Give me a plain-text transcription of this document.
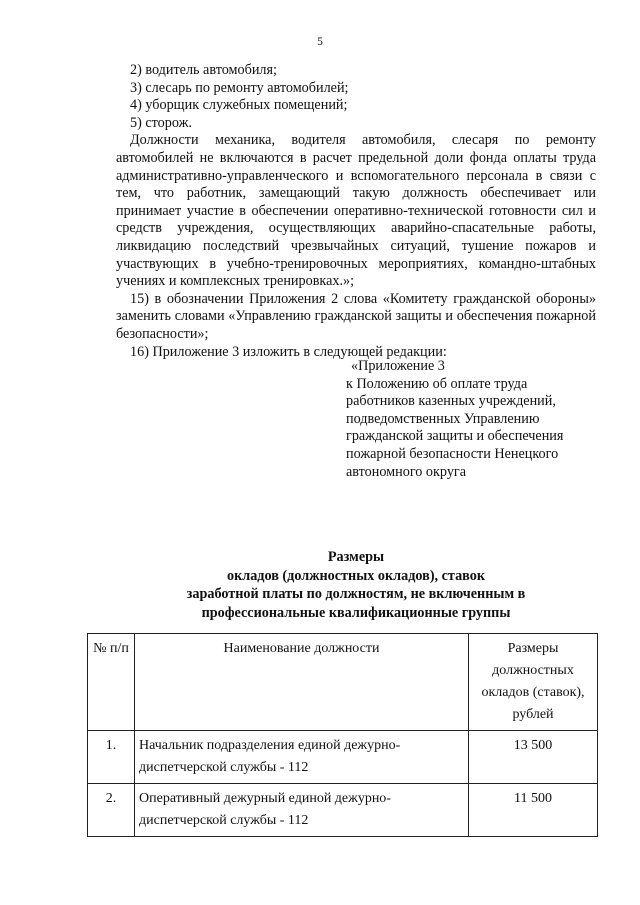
5

2) водитель автомобиля;

3) слесарь по ремонту автомобилей;

4) уборщик служебных помещений;

5) сторож.

Должности механика, водителя автомобиля, слесаря по ремонту автомобилей не включаются в расчет предельной доли фонда оплаты труда административно-управленческого и вспомогательного персонала в связи с тем, что работник, замещающий такую должность обеспечивает или принимает участие в обеспечении оперативно-технической готовности сил и средств учреждения, осуществляющих аварийно-спасательные работы, ликвидацию последствий чрезвычайных ситуаций, тушение пожаров и участвующих в учебно-тренировочных мероприятиях, командно-штабных учениях и комплексных тренировках.»;

15) в обозначении Приложения 2 слова «Комитету гражданской обороны» заменить словами «Управлению гражданской защиты и обеспечения пожарной безопасности»;

16) Приложение 3 изложить в следующей редакции:

«Приложение 3

к Положению об оплате труда

работников казенных учреждений,

подведомственных Управлению

гражданской защиты и обеспечения

пожарной безопасности Ненецкого

автономного округа

Размеры
окладов (должностных окладов), ставок
заработной платы по должностям, не включенным в
профессиональные квалификационные группы
№ п/п	Наименование должности	Размеры должностных окладов (ставок), рублей
1.	Начальник подразделения единой дежурно-диспетчерской службы - 112	13 500
2.	Оперативный дежурный единой дежурно-диспетчерской службы - 112	11 500
